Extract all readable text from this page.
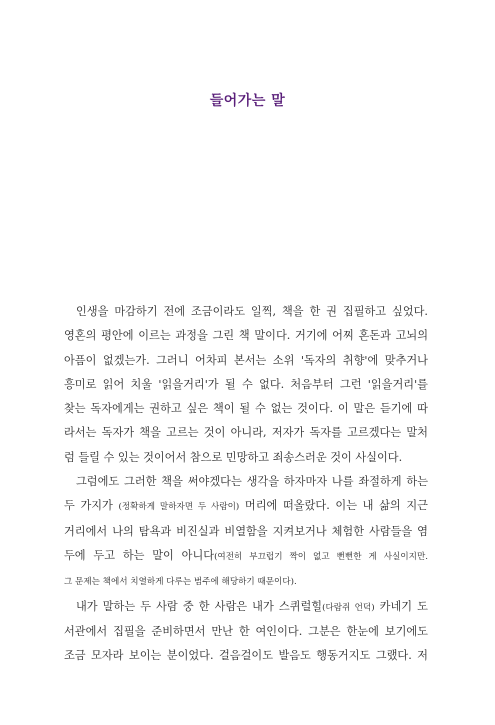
들어가는 말
인생을 마감하기 전에 조금이라도 일찍, 책을 한 권 집필하고 싶었다.
영혼의 평안에 이르는 과정을 그린 책 말이다. 거기에 어찌 혼돈과 고뇌의
아픔이 없겠는가. 그러니 어차피 본서는 소위 '독자의 취향'에 맞추거나
흥미로 읽어 치울 '읽을거리'가 될 수 없다. 처음부터 그런 '읽을거리'를
찾는 독자에게는 권하고 싶은 책이 될 수 없는 것이다. 이 말은 듣기에 따
라서는 독자가 책을 고르는 것이 아니라, 저자가 독자를 고르겠다는 말처
럼 들릴 수 있는 것이어서 참으로 민망하고 죄송스러운 것이 사실이다.
그럼에도 그러한 책을 써야겠다는 생각을 하자마자 나를 좌절하게 하는
두 가지가 (정확하게 말하자면 두 사람이) 머리에 떠올랐다. 이는 내 삶의 지근
거리에서 나의 탐욕과 비진실과 비열함을 지켜보거나 체험한 사람들을 염
두에 두고 하는 말이 아니다(여전히 부끄럽기 짝이 없고 뻔뻔한 게 사실이지만.
그 문제는 책에서 치열하게 다루는 범주에 해당하기 때문이다).
내가 말하는 두 사람 중 한 사람은 내가 스퀴럴힐(다람쥐 언덕) 카네기 도
서관에서 집필을 준비하면서 만난 한 여인이다. 그분은 한눈에 보기에도
조금 모자라 보이는 분이었다. 걸음걸이도 발음도 행동거지도 그랬다. 저
